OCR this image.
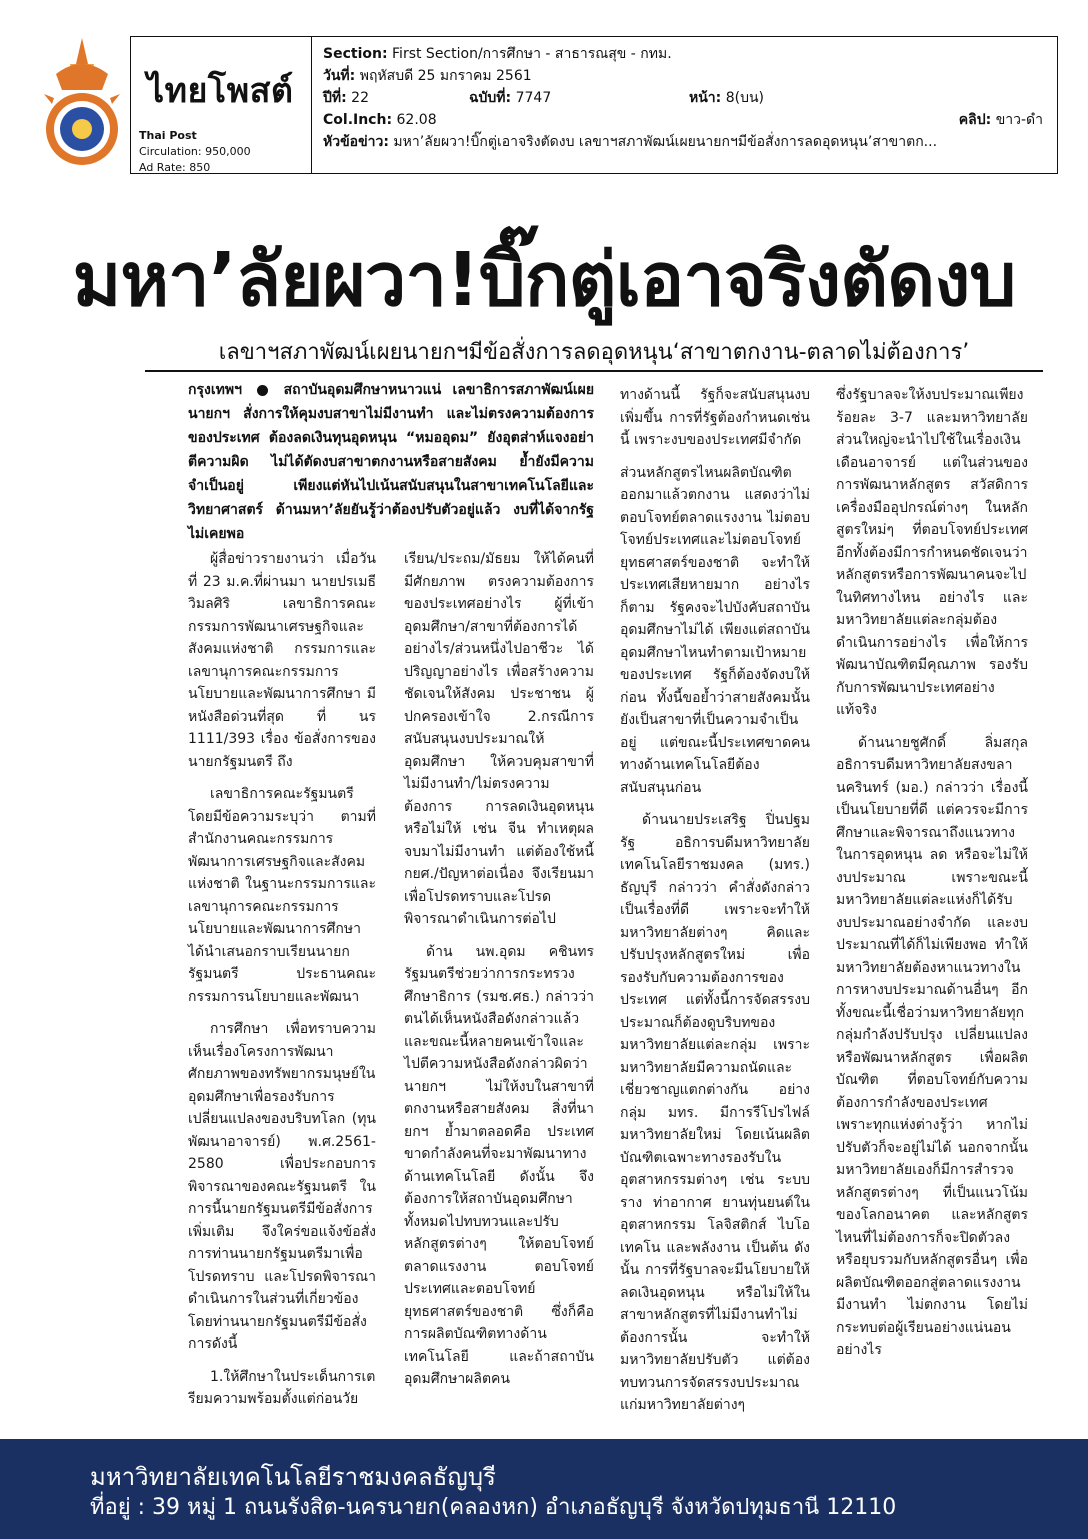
ไทยโพสต์
Thai Post
Circulation: 950,000
Ad Rate: 850
Section: First Section/การศึกษา - สาธารณสุข - กทม.
วันที่: พฤหัสบดี 25 มกราคม 2561
ปีที่: 22	ฉบับที่: 7747	หน้า: 8(บน)
Col.Inch: 62.08	คลิป: ขาว-ดำ
หัวข้อข่าว: มหา’ลัยผวา!บิ๊กตู่เอาจริงตัดงบ เลขาฯสภาพัฒน์เผยนายกฯมีข้อสั่งการลดอุดหนุน’สาขาตก...
มหา’ลัยผวา!บิ๊กตู่เอาจริงตัดงบ
เลขาฯสภาพัฒน์เผยนายกฯมีข้อสั่งการลดอุดหนุน‘สาขาตกงาน-ตลาดไม่ต้องการ’
กรุงเทพฯ	สถาบันอุดมศึกษาหนาวแน่ เลขาธิการสภาพัฒน์เผย นายกฯ สั่งการให้คุมงบสาขาไม่มีงานทำ และไม่ตรงความต้องการของประเทศ ต้องลดเงินทุนอุดหนุน “หมออุดม” ยังอุตส่าห์แจงอย่าตีความผิด ไม่ได้ตัดงบสาขาตกงานหรือสายสังคม ย้ำยังมีความจำเป็นอยู่ เพียงแต่หันไปเน้นสนับสนุนในสาขาเทคโนโลยีและวิทยาศาสตร์ ด้านมหา’ลัยยันรู้ว่าต้องปรับตัวอยู่แล้ว งบที่ได้จากรัฐไม่เคยพอ

ผู้สื่อข่าวรายงานว่า เมื่อวันที่ 23 ม.ค.ที่ผ่านมา นายปรเมธี วิมลศิริ เลขาธิการคณะกรรมการพัฒนาเศรษฐกิจและสังคมแห่งชาติ กรรมการและเลขานุการคณะกรรมการนโยบายและพัฒนาการศึกษา มีหนังสือด่วนที่สุด ที่ นร 1111/393 เรื่อง ข้อสั่งการของนายกรัฐมนตรี ถึง

เลขาธิการคณะรัฐมนตรี โดยมีข้อความระบุว่า ตามที่สำนักงานคณะกรรมการพัฒนาการเศรษฐกิจและสังคมแห่งชาติ ในฐานะกรรมการและเลขานุการคณะกรรมการนโยบายและพัฒนาการศึกษา ได้นำเสนอกราบเรียนนายกรัฐมนตรี ประธานคณะกรรมการนโยบายและพัฒนา

การศึกษา เพื่อทราบความเห็นเรื่องโครงการพัฒนาศักยภาพของทรัพยากรมนุษย์ในอุดมศึกษาเพื่อรองรับการเปลี่ยนแปลงของบริบทโลก (ทุนพัฒนาอาจารย์) พ.ศ.2561-2580 เพื่อประกอบการพิจารณาของคณะรัฐมนตรี ในการนี้นายกรัฐมนตรีมีข้อสั่งการเพิ่มเติม จึงใคร่ขอแจ้งข้อสั่งการท่านนายกรัฐมนตรีมาเพื่อโปรดทราบ และโปรดพิจารณาดำเนินการในส่วนที่เกี่ยวข้อง โดยท่านนายกรัฐมนตรีมีข้อสั่งการดังนี้

1.ให้ศึกษาในประเด็นการเตรียมความพร้อมตั้งแต่ก่อนวัย

เรียน/ประถม/มัธยม ให้ได้คนที่มีศักยภาพ ตรงความต้องการของประเทศอย่างไร ผู้ที่เข้าอุดมศึกษา/สาขาที่ต้องการได้อย่างไร/ส่วนหนึ่งไปอาชีวะ ได้ปริญญาอย่างไร เพื่อสร้างความชัดเจนให้สังคม ประชาชน ผู้ปกครองเข้าใจ 2.กรณีการสนับสนุนงบประมาณให้อุดมศึกษา ให้ควบคุมสาขาที่ไม่มีงานทำ/ไม่ตรงความต้องการ การลดเงินอุดหนุน หรือไม่ให้ เช่น จีน ทำเหตุผล จบมาไม่มีงานทำ แต่ต้องใช้หนี้ กยศ./ปัญหาต่อเนื่อง จึงเรียนมาเพื่อโปรดทราบและโปรดพิจารณาดำเนินการต่อไป

ด้าน นพ.อุดม คชินทร รัฐมนตรีช่วยว่าการกระทรวงศึกษาธิการ (รมช.ศธ.) กล่าวว่า ตนได้เห็นหนังสือดังกล่าวแล้ว และขณะนี้หลายคนเข้าใจและไปตีความหนังสือดังกล่าวผิดว่านายกฯ ไม่ให้งบในสาขาที่ตกงานหรือสายสังคม สิ่งที่นายกฯ ย้ำมาตลอดคือ ประเทศขาดกำลังคนที่จะมาพัฒนาทางด้านเทคโนโลยี ดังนั้น จึงต้องการให้สถาบันอุดมศึกษาทั้งหมดไปทบทวนและปรับหลักสูตรต่างๆ ให้ตอบโจทย์ตลาดแรงงาน ตอบโจทย์ประเทศและตอบโจทย์ยุทธศาสตร์ของชาติ ซึ่งก็คือการผลิตบัณฑิตทางด้านเทคโนโลยี และถ้าสถาบันอุดมศึกษาผลิตคน

ทางด้านนี้ รัฐก็จะสนับสนุนงบเพิ่มขึ้น การที่รัฐต้องกำหนดเช่นนี้ เพราะงบของประเทศมีจำกัด

ส่วนหลักสูตรไหนผลิตบัณฑิตออกมาแล้วตกงาน แสดงว่าไม่ตอบโจทย์ตลาดแรงงาน ไม่ตอบโจทย์ประเทศและไม่ตอบโจทย์ยุทธศาสตร์ของชาติ จะทำให้ประเทศเสียหายมาก อย่างไรก็ตาม รัฐคงจะไปบังคับสถาบันอุดมศึกษาไม่ได้ เพียงแต่สถาบันอุดมศึกษาไหนทำตามเป้าหมายของประเทศ รัฐก็ต้องจัดงบให้ก่อน ทั้งนี้ขอย้ำว่าสายสังคมนั้นยังเป็นสาขาที่เป็นความจำเป็นอยู่ แต่ขณะนี้ประเทศขาดคนทางด้านเทคโนโลยีต้องสนับสนุนก่อน

ด้านนายประเสริฐ ปิ่นปฐมรัฐ อธิการบดีมหาวิทยาลัยเทคโนโลยีราชมงคล (มทร.) ธัญบุรี กล่าวว่า คำสั่งดังกล่าวเป็นเรื่องที่ดี เพราะจะทำให้มหาวิทยาลัยต่างๆ คิดและปรับปรุงหลักสูตรใหม่ เพื่อรองรับกับความต้องการของประเทศ แต่ทั้งนี้การจัดสรรงบประมาณก็ต้องดูบริบทของมหาวิทยาลัยแต่ละกลุ่ม เพราะมหาวิทยาลัยมีความถนัดและเชี่ยวชาญแตกต่างกัน อย่างกลุ่ม มทร. มีการรีโปรไฟล์มหาวิทยาลัยใหม่ โดยเน้นผลิตบัณฑิตเฉพาะทางรองรับในอุตสาหกรรมต่างๆ เช่น ระบบราง ท่าอากาศ ยานทุ่นยนต์ในอุตสาหกรรม โลจิสติกส์ ไบโอเทคโน และพลังงาน เป็นต้น ดังนั้น การที่รัฐบาลจะมีนโยบายให้ ลดเงินอุดหนุน หรือไม่ให้ในสาขาหลักสูตรที่ไม่มีงานทำไม่ต้องการนั้น จะทำให้มหาวิทยาลัยปรับตัว แต่ต้องทบทวนการจัดสรรงบประมาณแก่มหาวิทยาลัยต่างๆ

ซึ่งรัฐบาลจะให้งบประมาณเพียงร้อยละ 3-7 และมหาวิทยาลัยส่วนใหญ่จะนำไปใช้ในเรื่องเงินเดือนอาจารย์ แต่ในส่วนของการพัฒนาหลักสูตร สวัสดิการ เครื่องมืออุปกรณ์ต่างๆ ในหลักสูตรใหม่ๆ ที่ตอบโจทย์ประเทศ อีกทั้งต้องมีการกำหนดชัดเจนว่าหลักสูตรหรือการพัฒนาคนจะไปในทิศทางไหน อย่างไร และมหาวิทยาลัยแต่ละกลุ่มต้องดำเนินการอย่างไร เพื่อให้การพัฒนาบัณฑิตมีคุณภาพ รองรับกับการพัฒนาประเทศอย่างแท้จริง

ด้านนายชูศักดิ์ ลิ่มสกุล อธิการบดีมหาวิทยาลัยสงขลานครินทร์ (มอ.) กล่าวว่า เรื่องนี้เป็นนโยบายที่ดี แต่ควรจะมีการศึกษาและพิจารณาถึงแนวทางในการอุดหนุน ลด หรือจะไม่ให้งบประมาณ เพราะขณะนี้มหาวิทยาลัยแต่ละแห่งก็ได้รับงบประมาณอย่างจำกัด และงบประมาณที่ได้ก็ไม่เพียงพอ ทำให้มหาวิทยาลัยต้องหาแนวทางในการหางบประมาณด้านอื่นๆ อีกทั้งขณะนี้เชื่อว่ามหาวิทยาลัยทุกกลุ่มกำลังปรับปรุง เปลี่ยนแปลงหรือพัฒนาหลักสูตร เพื่อผลิตบัณฑิต ที่ตอบโจทย์กับความต้องการกำลังของประเทศ เพราะทุกแห่งต่างรู้ว่า หากไม่ปรับตัวก็จะอยู่ไม่ได้ นอกจากนั้น มหาวิทยาลัยเองก็มีการสำรวจหลักสูตรต่างๆ ที่เป็นแนวโน้มของโลกอนาคต และหลักสูตรไหนที่ไม่ต้องการก็จะปิดตัวลง หรือยุบรวมกับหลักสูตรอื่นๆ เพื่อผลิตบัณฑิตออกสู่ตลาดแรงงาน มีงานทำ ไม่ตกงาน โดยไม่กระทบต่อผู้เรียนอย่างแน่นอน อย่างไร

มหาวิทยาลัยเทคโนโลยีราชมงคลธัญบุรี
ที่อยู่ : 39 หมู่ 1 ถนนรังสิต-นครนายก(คลองหก) อำเภอธัญบุรี จังหวัดปทุมธานี 12110
